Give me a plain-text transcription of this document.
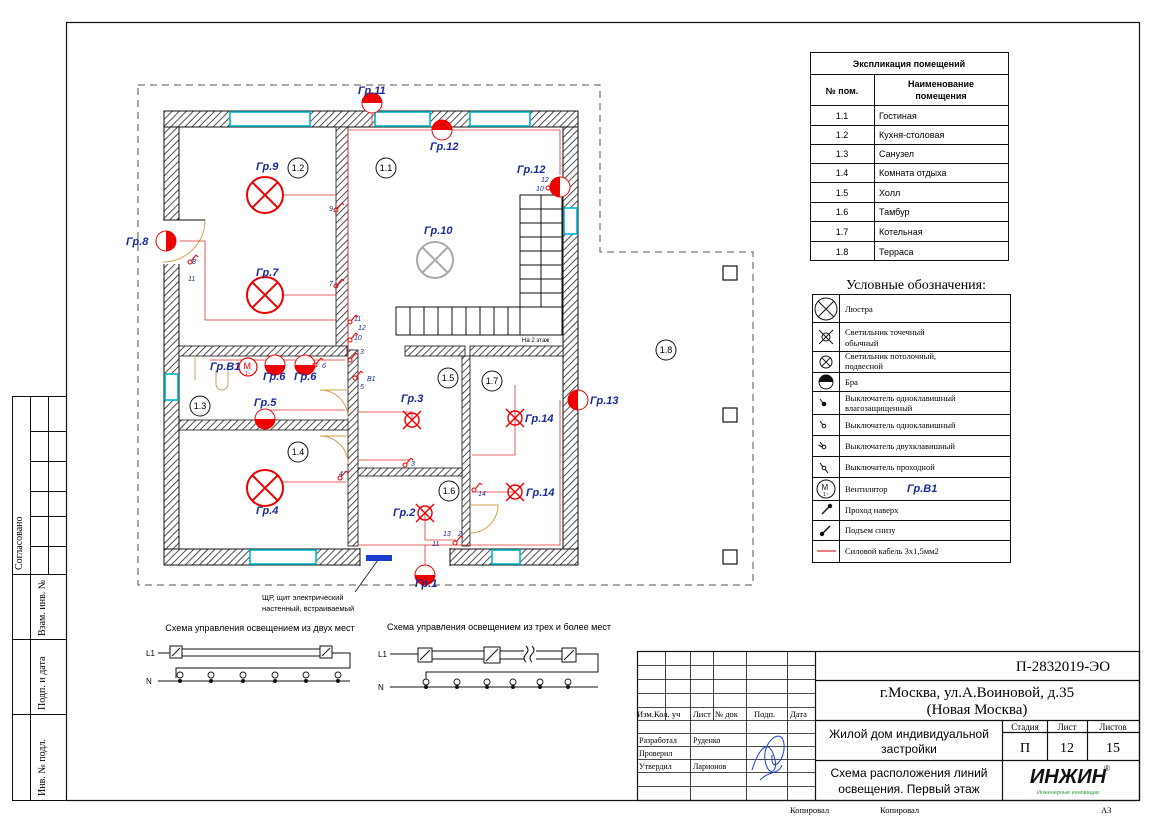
Согласовано
Взам. инв. №
Подп. и дата
Инв. № подл.
На 2 этаж
M
1~
1.2	1.1
1.3
1.4
1.5
1.6
1.7
1.8
Гр.9
Гр.7
Гр.4
Гр.10
Гр.11
Гр.12
Гр.12
Гр.8
Гр.В1
Гр.6 Гр.6
Гр.5	Гр.3
Гр.2
Гр.1
Гр.13
Гр.14
Гр.14
9
7
11
12
10
3
6
5
B1
4
3
14
13
11
2
8
11
12
10
ЩР, щит электрический
настенный, встраиваемый
Экспликация помещений
№ пом.
Наименование
помещения
1.1	Гостиная
1.2	Кухня-столовая
1.3	Санузел
1.4	Комната отдыха
1.5	Холл
1.6	Тамбур
1.7	Котельная
1.8	Терраса
Условные обозначения:
M
1~
Люстра
Светильник точечный
обычный
Светильник потолочный,
подвесной
Бра
Выключатель одноклавишный
влагозащищенный
Выключатель одноклавишный
Выключатель двухклавишный
Выключатель проходной
Вентилятор Гр.В1
Проход наверх
Подъем снизу
Силовой кабель 3х1,5мм2
Схема управления освещением из двух мест
L1
N
Схема управления освещением из трех и более мест
L1
N
Изм. Кол. уч Лист № док Подп. Дата
Разработал Руденко
Проверил
Утвердил	Ларионов
П-2832019-ЭО
г.Москва, ул.А.Воиновой, д.35
(Новая Москва)
Жилой дом индивидуальной
застройки
Схема расположения линий
освещения. Первый этаж
Стадия Лист	Листов
П 12 15
ИНЖИН
Инженерные инновации
®
Копировал	Копировал	А3
